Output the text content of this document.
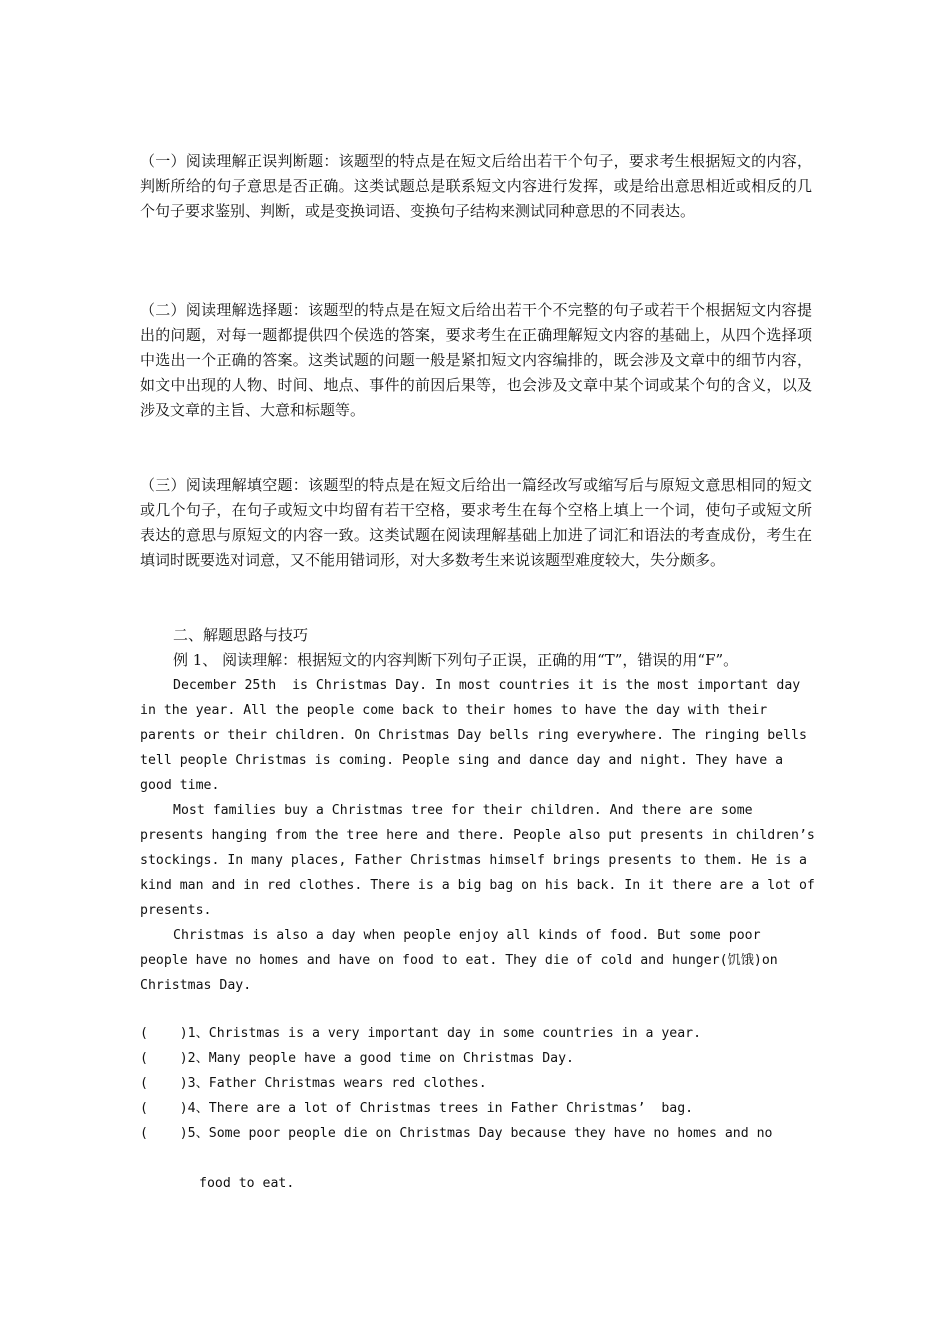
（一）阅读理解正误判断题：该题型的特点是在短文后给出若干个句子，要求考生根据短文的内容，判断所给的句子意思是否正确。这类试题总是联系短文内容进行发挥，或是给出意思相近或相反的几个句子要求鉴别、判断，或是变换词语、变换句子结构来测试同种意思的不同表达。

（二）阅读理解选择题：该题型的特点是在短文后给出若干个不完整的句子或若干个根据短文内容提出的问题，对每一题都提供四个侯选的答案，要求考生在正确理解短文内容的基础上，从四个选择项中选出一个正确的答案。这类试题的问题一般是紧扣短文内容编排的，既会涉及文章中的细节内容，如文中出现的人物、时间、地点、事件的前因后果等，也会涉及文章中某个词或某个句的含义，以及涉及文章的主旨、大意和标题等。

（三）阅读理解填空题：该题型的特点是在短文后给出一篇经改写或缩写后与原短文意思相同的短文或几个句子，在句子或短文中均留有若干空格，要求考生在每个空格上填上一个词，使句子或短文所表达的意思与原短文的内容一致。这类试题在阅读理解基础上加进了词汇和语法的考查成份，考生在填词时既要选对词意，又不能用错词形，对大多数考生来说该题型难度较大，失分颇多。

二、解题思路与技巧

例 1、 阅读理解：根据短文的内容判断下列句子正误，正确的用“T”，错误的用“F”。

December 25th  is Christmas Day. In most countries it is the most important day in the year. All the people come back to their homes to have the day with their parents or their children. On Christmas Day bells ring everywhere. The ringing bells tell people Christmas is coming. People sing and dance day and night. They have a good time.

Most families buy a Christmas tree for their children. And there are some presents hanging from the tree here and there. People also put presents in children’s stockings. In many places, Father Christmas himself brings presents to them. He is a kind man and in red clothes. There is a big bag on his back. In it there are a lot of presents.

Christmas is also a day when people enjoy all kinds of food. But some poor people have no homes and have on food to eat. They die of cold and hunger(饥饿)on

Christmas Day.

(    ) 1、Christmas is a very important day in some countries in a year.
(    ) 2、Many people have a good time on Christmas Day.
(    ) 3、Father Christmas wears red clothes.
(    ) 4、There are a lot of Christmas trees in Father Christmas’  bag.
(    ) 5、Some poor people die on Christmas Day because they have no homes and no

food to eat.
